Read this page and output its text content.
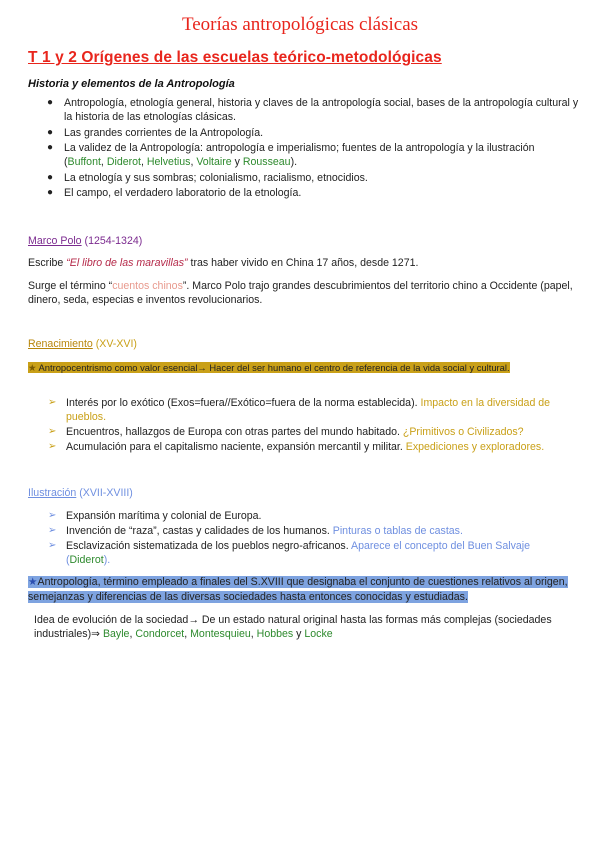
Teorías antropológicas clásicas
T 1 y 2 Orígenes de las escuelas teórico-metodológicas
Historia y elementos de la Antropología
● Antropología, etnología general, historia y claves de la antropología social, bases de la antropología cultural y la historia de las etnologías clásicas.
● Las grandes corrientes de la Antropología.
● La validez de la Antropología: antropología e imperialismo; fuentes de la antropología y la ilustración
(Buffont, Diderot, Helvetius, Voltaire y Rousseau).
● La etnología y sus sombras; colonialismo, racialismo, etnocidios.
● El campo, el verdadero laboratorio de la etnología.
Marco Polo (1254-1324)
Escribe “El libro de las maravillas” tras haber vivido en China 17 años, desde 1271.
Surge el término “cuentos chinos”. Marco Polo trajo grandes descubrimientos del territorio chino a Occidente (papel, dinero, seda, especias e inventos revolucionarios.
Renacimiento (XV-XVI)
★ Antropocentrismo como valor esencial→ Hacer del ser humano el centro de referencia de la vida social y cultural.
➢ Interés por lo exótico (Exos=fuera//Exótico=fuera de la norma establecida). Impacto en la diversidad de pueblos.
➢ Encuentros, hallazgos de Europa con otras partes del mundo habitado. ¿Primitivos o Civilizados?
➢ Acumulación para el capitalismo naciente, expansión mercantil y militar. Expediciones y exploradores.
Ilustración (XVII-XVIII)
➢ Expansión marítima y colonial de Europa.
➢ Invención de “raza”, castas y calidades de los humanos. Pinturas o tablas de castas.
➢ Esclavización sistematizada de los pueblos negro-africanos. Aparece el concepto del Buen Salvaje
(Diderot).
★Antropología, término empleado a finales del S.XVIII que designaba el conjunto de cuestiones relativos al origen, semejanzas y diferencias de las diversas sociedades hasta entonces conocidas y estudiadas.
Idea de evolución de la sociedad→ De un estado natural original hasta las formas más complejas (sociedades industriales)⇒ Bayle, Condorcet, Montesquieu, Hobbes y Locke
